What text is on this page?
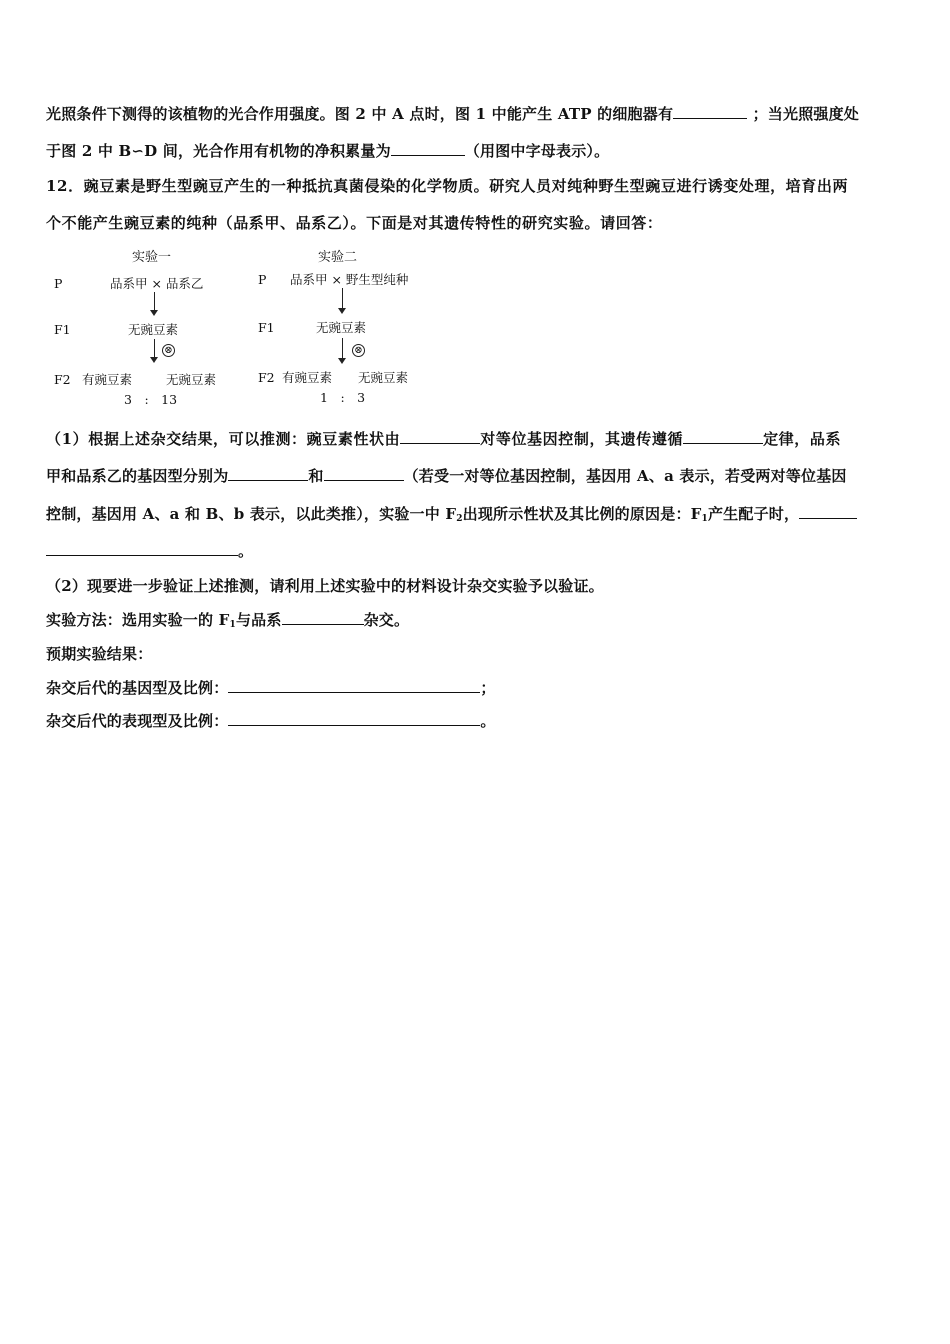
光照条件下测得的该植物的光合作用强度。图 2 中 A 点时，图 1 中能产生 ATP 的细胞器有	；当光照强度处
于图 2 中 B∽D 间，光合作用有机物的净积累量为	（用图中字母表示）。
12．豌豆素是野生型豌豆产生的一种抵抗真菌侵染的化学物质。研究人员对纯种野生型豌豆进行诱变处理，培育出两
个不能产生豌豆素的纯种（品系甲、品系乙）。下面是对其遗传特性的研究实验。请回答：
实验一
P	品系甲 × 品系乙
F1	无豌豆素
⊗
F2 有豌豆素	无豌豆素
3　:　13
实验二
P 品系甲 × 野生型纯种
F1	无豌豆素
⊗
F2 有豌豆素 无豌豆素
1　:　3
（1）根据上述杂交结果，可以推测：豌豆素性状由	对等位基因控制，其遗传遵循	定律，品系
甲和品系乙的基因型分别为	和	（若受一对等位基因控制，基因用 A、a 表示，若受两对等位基因
控制，基因用 A、a 和 B、b 表示，以此类推），实验一中 $F_2$出现所示性状及其比例的原因是：$F_1$产生配子时，
。
（2）现要进一步验证上述推测，请利用上述实验中的材料设计杂交实验予以验证。
实验方法：选用实验一的 $F_1$与品系	杂交。
预期实验结果：
杂交后代的基因型及比例：	；
杂交后代的表现型及比例：	。
